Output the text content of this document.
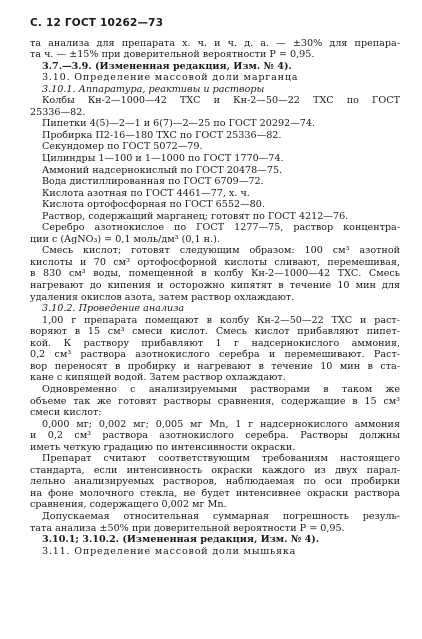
С. 12 ГОСТ 10262—73

та анализа для препарата х. ч. и ч. д. а. — ±30% для препара-

та ч. — ±15% при доверительной вероятности P = 0,95.

3.7.—3.9. (Измененная редакция, Изм. № 4).

3.10. Определение массовой доли марганца

3.10.1. Аппаратура, реактивы и растворы

Колбы Кн-2—1000—42 ТХС и Кн-2—50—22 ТХС по ГОСТ

25336—82.

Пипетки 4(5)—2—1 и 6(7)—2—25 по ГОСТ 20292—74.

Пробирка П2-16—180 ТХС по ГОСТ 25336—82.

Секундомер по ГОСТ 5072—79.

Цилиндры 1—100 и 1—1000 по ГОСТ 1770—74.

Аммоний надсернокислый по ГОСТ 20478—75.

Вода дистиллированная по ГОСТ 6709—72.

Кислота азотная по ГОСТ 4461—77, х. ч.

Кислота ортофосфорная по ГОСТ 6552—80.

Раствор, содержащий марганец; готовят по ГОСТ 4212—76.

Серебро азотнокислое по ГОСТ 1277—75, раствор концентра-

ции c (AgNO₃) = 0,1 моль/дм³ (0,1 н.).

Смесь кислот; готовят следующим образом: 100 см³ азотной

кислоты и 70 см³ ортофосфорной кислоты сливают, перемешивая,

в 830 см³ воды, помещенной в колбу Кн-2—1000—42 ТХС. Смесь

нагревают до кипения и осторожно кипятят в течение 10 мин для

удаления окислов азота, затем раствор охлаждают.

3.10.2. Проведение анализа

1,00 г препарата помещают в колбу Кн-2—50—22 ТХС и раст-

воряют в 15 см³ смеси кислот. Смесь кислот прибавляют пипет-

кой. К раствору прибавляют 1 г надсернокислого аммония,

0,2 см³ раствора азотнокислого серебра и перемешивают. Раст-

вор переносят в пробирку и нагревают в течение 10 мин в ста-

кане с кипящей водой. Затем раствор охлаждают.

Одновременно с анализируемыми растворами в таком же

объеме так же готовят растворы сравнения, содержащие в 15 см³

смеси кислот:

0,000 мг; 0,002 мг; 0,005 мг Mn, 1 г надсернокислого аммония

и 0,2 см³ раствора азотнокислого серебра. Растворы должны

иметь четкую градацию по интенсивности окраски.

Препарат считают соответствующим требованиям настоящего

стандарта, если интенсивность окраски каждого из двух парал-

лельно анализируемых растворов, наблюдаемая по оси пробирки

на фоне молочного стекла, не будет интенсивнее окраски раствора

сравнения, содержащего 0,002 мг Mn.

Допускаемая относительная суммарная погрешность резуль-

тата анализа ±50% при доверительной вероятности P = 0,95.

3.10.1; 3.10.2. (Измененная редакция, Изм. № 4).

3.11. Определение массовой доли мышьяка
